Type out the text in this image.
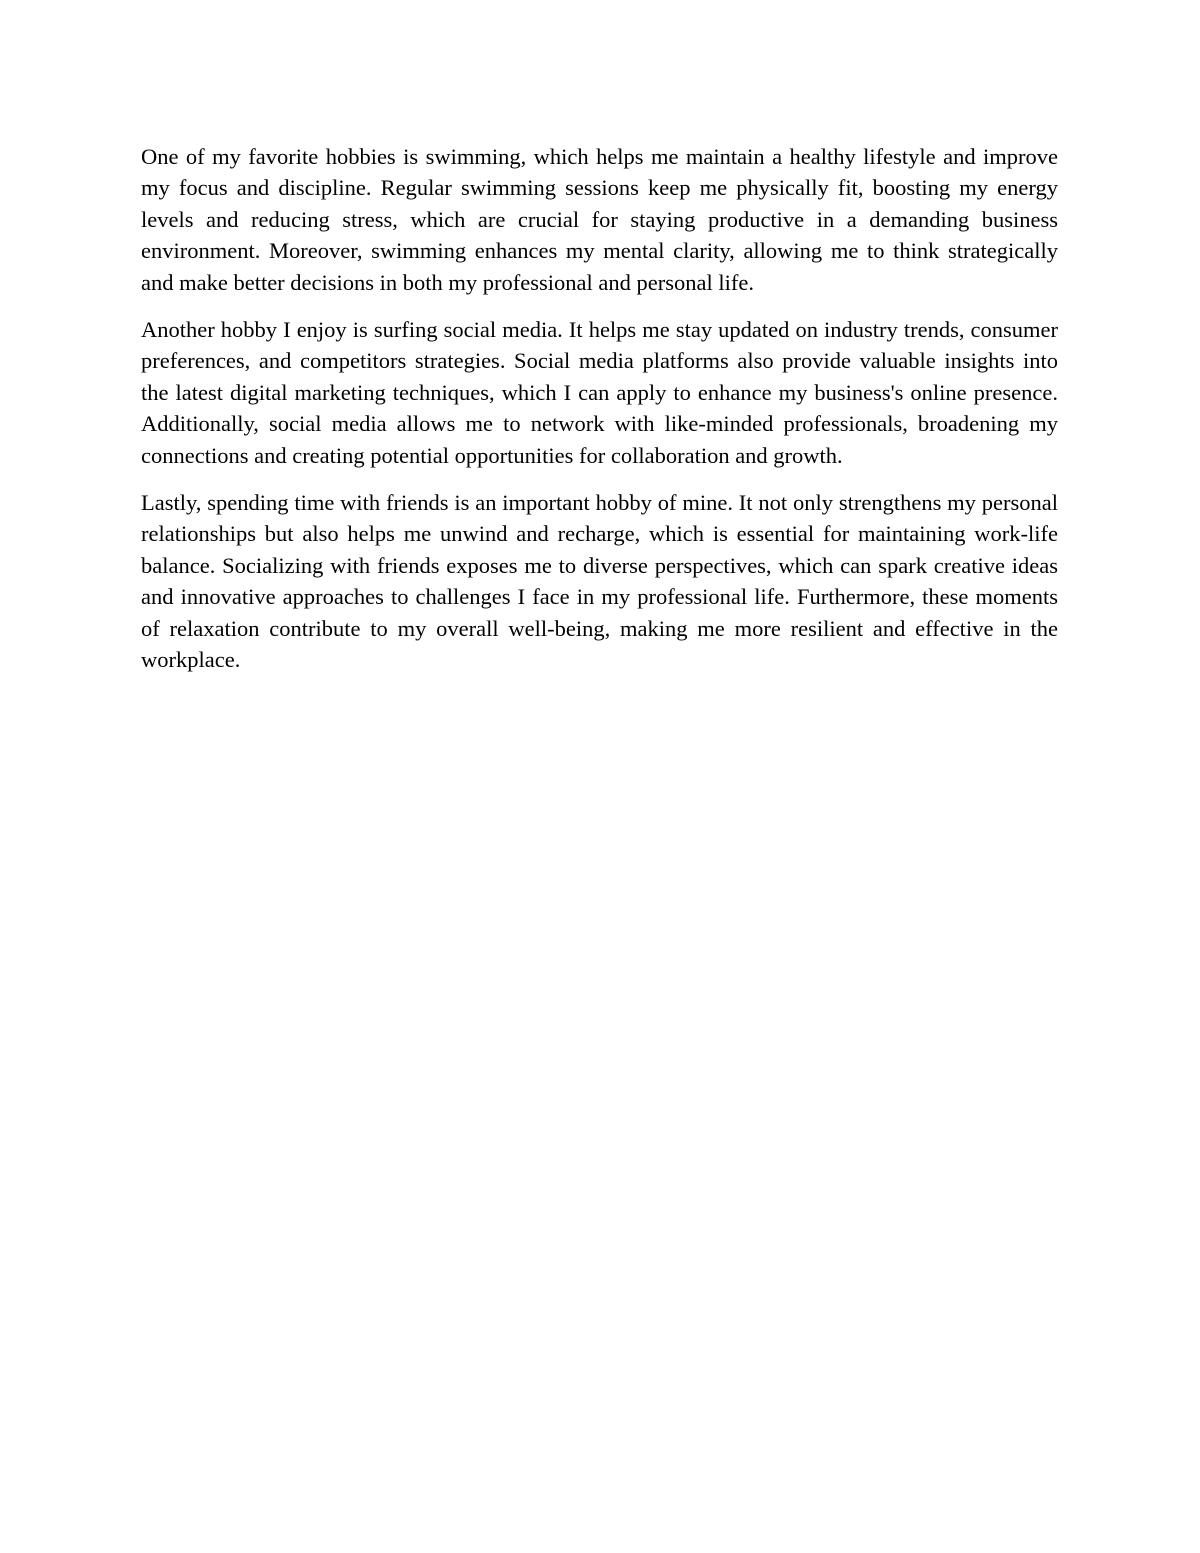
One of my favorite hobbies is swimming, which helps me maintain a healthy lifestyle and improve my focus and discipline. Regular swimming sessions keep me physically fit, boosting my energy levels and reducing stress, which are crucial for staying productive in a demanding business environment. Moreover, swimming enhances my mental clarity, allowing me to think strategically and make better decisions in both my professional and personal life.

Another hobby I enjoy is surfing social media. It helps me stay updated on industry trends, consumer preferences, and competitors strategies. Social media platforms also provide valuable insights into the latest digital marketing techniques, which I can apply to enhance my business's online presence. Additionally, social media allows me to network with like-minded professionals, broadening my connections and creating potential opportunities for collaboration and growth.

Lastly, spending time with friends is an important hobby of mine. It not only strengthens my personal relationships but also helps me unwind and recharge, which is essential for maintaining work-life balance. Socializing with friends exposes me to diverse perspectives, which can spark creative ideas and innovative approaches to challenges I face in my professional life. Furthermore, these moments of relaxation contribute to my overall well-being, making me more resilient and effective in the workplace.
